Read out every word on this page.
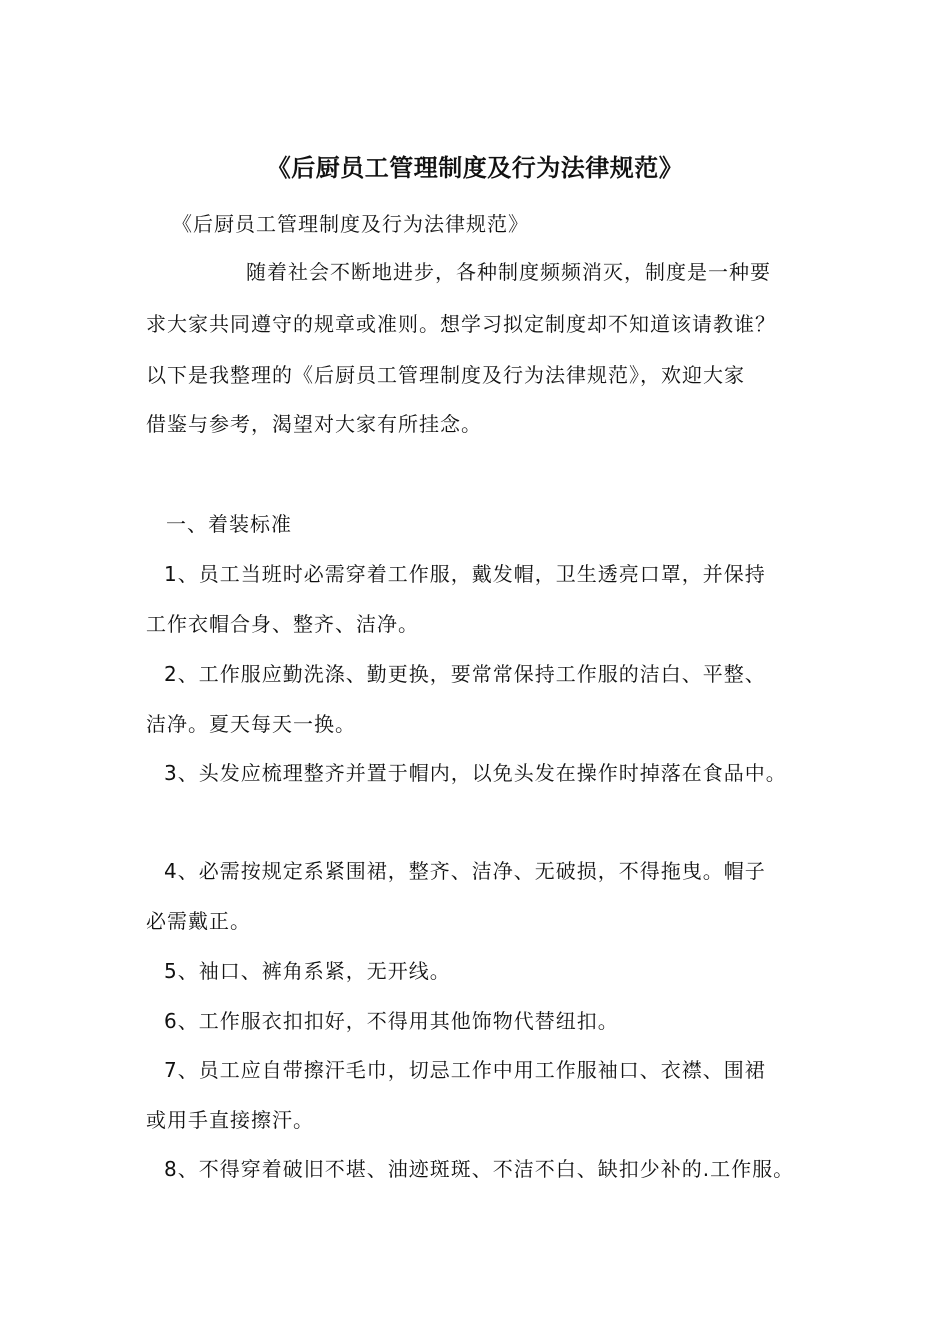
《后厨员工管理制度及行为法律规范》
《后厨员工管理制度及行为法律规范》
随着社会不断地进步，各种制度频频消灭，制度是一种要
求大家共同遵守的规章或准则。想学习拟定制度却不知道该请教谁？
以下是我整理的《后厨员工管理制度及行为法律规范》，欢迎大家
借鉴与参考，渴望对大家有所挂念。
一、着装标准
1、员工当班时必需穿着工作服，戴发帽，卫生透亮口罩，并保持
工作衣帽合身、整齐、洁净。
2、工作服应勤洗涤、勤更换，要常常保持工作服的洁白、平整、
洁净。夏天每天一换。
3、头发应梳理整齐并置于帽内，以免头发在操作时掉落在食品中。
4、必需按规定系紧围裙，整齐、洁净、无破损，不得拖曳。帽子
必需戴正。
5、袖口、裤角系紧，无开线。
6、工作服衣扣扣好，不得用其他饰物代替纽扣。
7、员工应自带擦汗毛巾，切忌工作中用工作服袖口、衣襟、围裙
或用手直接擦汗。
8、不得穿着破旧不堪、油迹斑斑、不洁不白、缺扣少补的.工作服。
